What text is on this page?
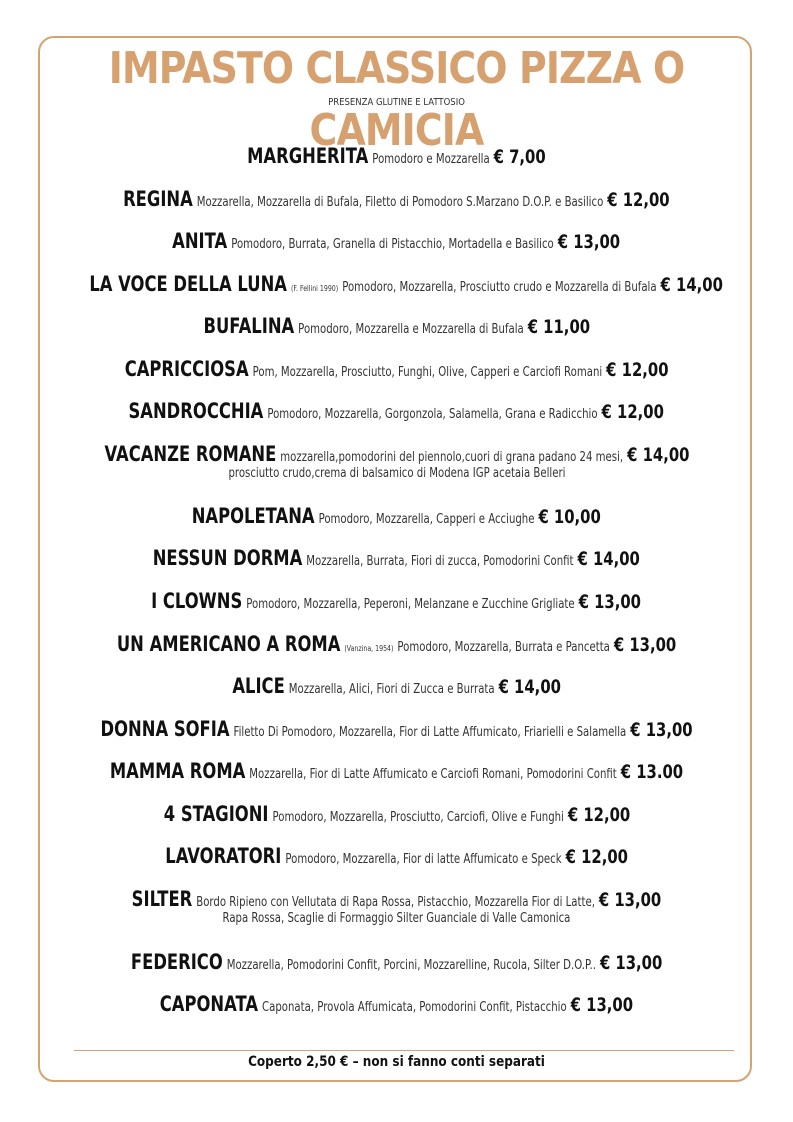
IMPASTO CLASSICO PIZZA O CAMICIA
PRESENZA GLUTINE E LATTOSIO
MARGHERITA Pomodoro e Mozzarella € 7,00
REGINA Mozzarella, Mozzarella di Bufala, Filetto di Pomodoro S.Marzano D.O.P. e Basilico € 12,00
ANITA Pomodoro, Burrata, Granella di Pistacchio, Mortadella e Basilico € 13,00
LA VOCE DELLA LUNA (F. Fellini 1990) Pomodoro, Mozzarella, Prosciutto crudo e Mozzarella di Bufala € 14,00
BUFALINA Pomodoro, Mozzarella e Mozzarella di Bufala € 11,00
CAPRICCIOSA Pom, Mozzarella, Prosciutto, Funghi, Olive, Capperi e Carciofi Romani € 12,00
SANDROCCHIA Pomodoro, Mozzarella, Gorgonzola, Salamella, Grana e Radicchio € 12,00
VACANZE ROMANE mozzarella,pomodorini del piennolo,cuori di grana padano 24 mesi, € 14,00
prosciutto crudo,crema di balsamico di Modena IGP acetaia Belleri
NAPOLETANA Pomodoro, Mozzarella, Capperi e Acciughe € 10,00
NESSUN DORMA Mozzarella, Burrata, Fiori di zucca, Pomodorini Confit € 14,00
I CLOWNS Pomodoro, Mozzarella, Peperoni, Melanzane e Zucchine Grigliate € 13,00
UN AMERICANO A ROMA (Vanzina, 1954) Pomodoro, Mozzarella, Burrata e Pancetta € 13,00
ALICE Mozzarella, Alici, Fiori di Zucca e Burrata € 14,00
DONNA SOFIA Filetto Di Pomodoro, Mozzarella, Fior di Latte Affumicato, Friarielli e Salamella € 13,00
MAMMA ROMA Mozzarella, Fior di Latte Affumicato e Carciofi Romani, Pomodorini Confit € 13.00
4 STAGIONI Pomodoro, Mozzarella, Prosciutto, Carciofi, Olive e Funghi € 12,00
LAVORATORI Pomodoro, Mozzarella, Fior di latte Affumicato e Speck € 12,00
SILTER Bordo Ripieno con Vellutata di Rapa Rossa, Pistacchio, Mozzarella Fior di Latte, € 13,00
Rapa Rossa, Scaglie di Formaggio Silter Guanciale di Valle Camonica
FEDERICO Mozzarella, Pomodorini Confit, Porcini, Mozzarelline, Rucola, Silter D.O.P.. € 13,00
CAPONATA Caponata, Provola Affumicata, Pomodorini Confit, Pistacchio € 13,00
Coperto 2,50 € – non si fanno conti separati
